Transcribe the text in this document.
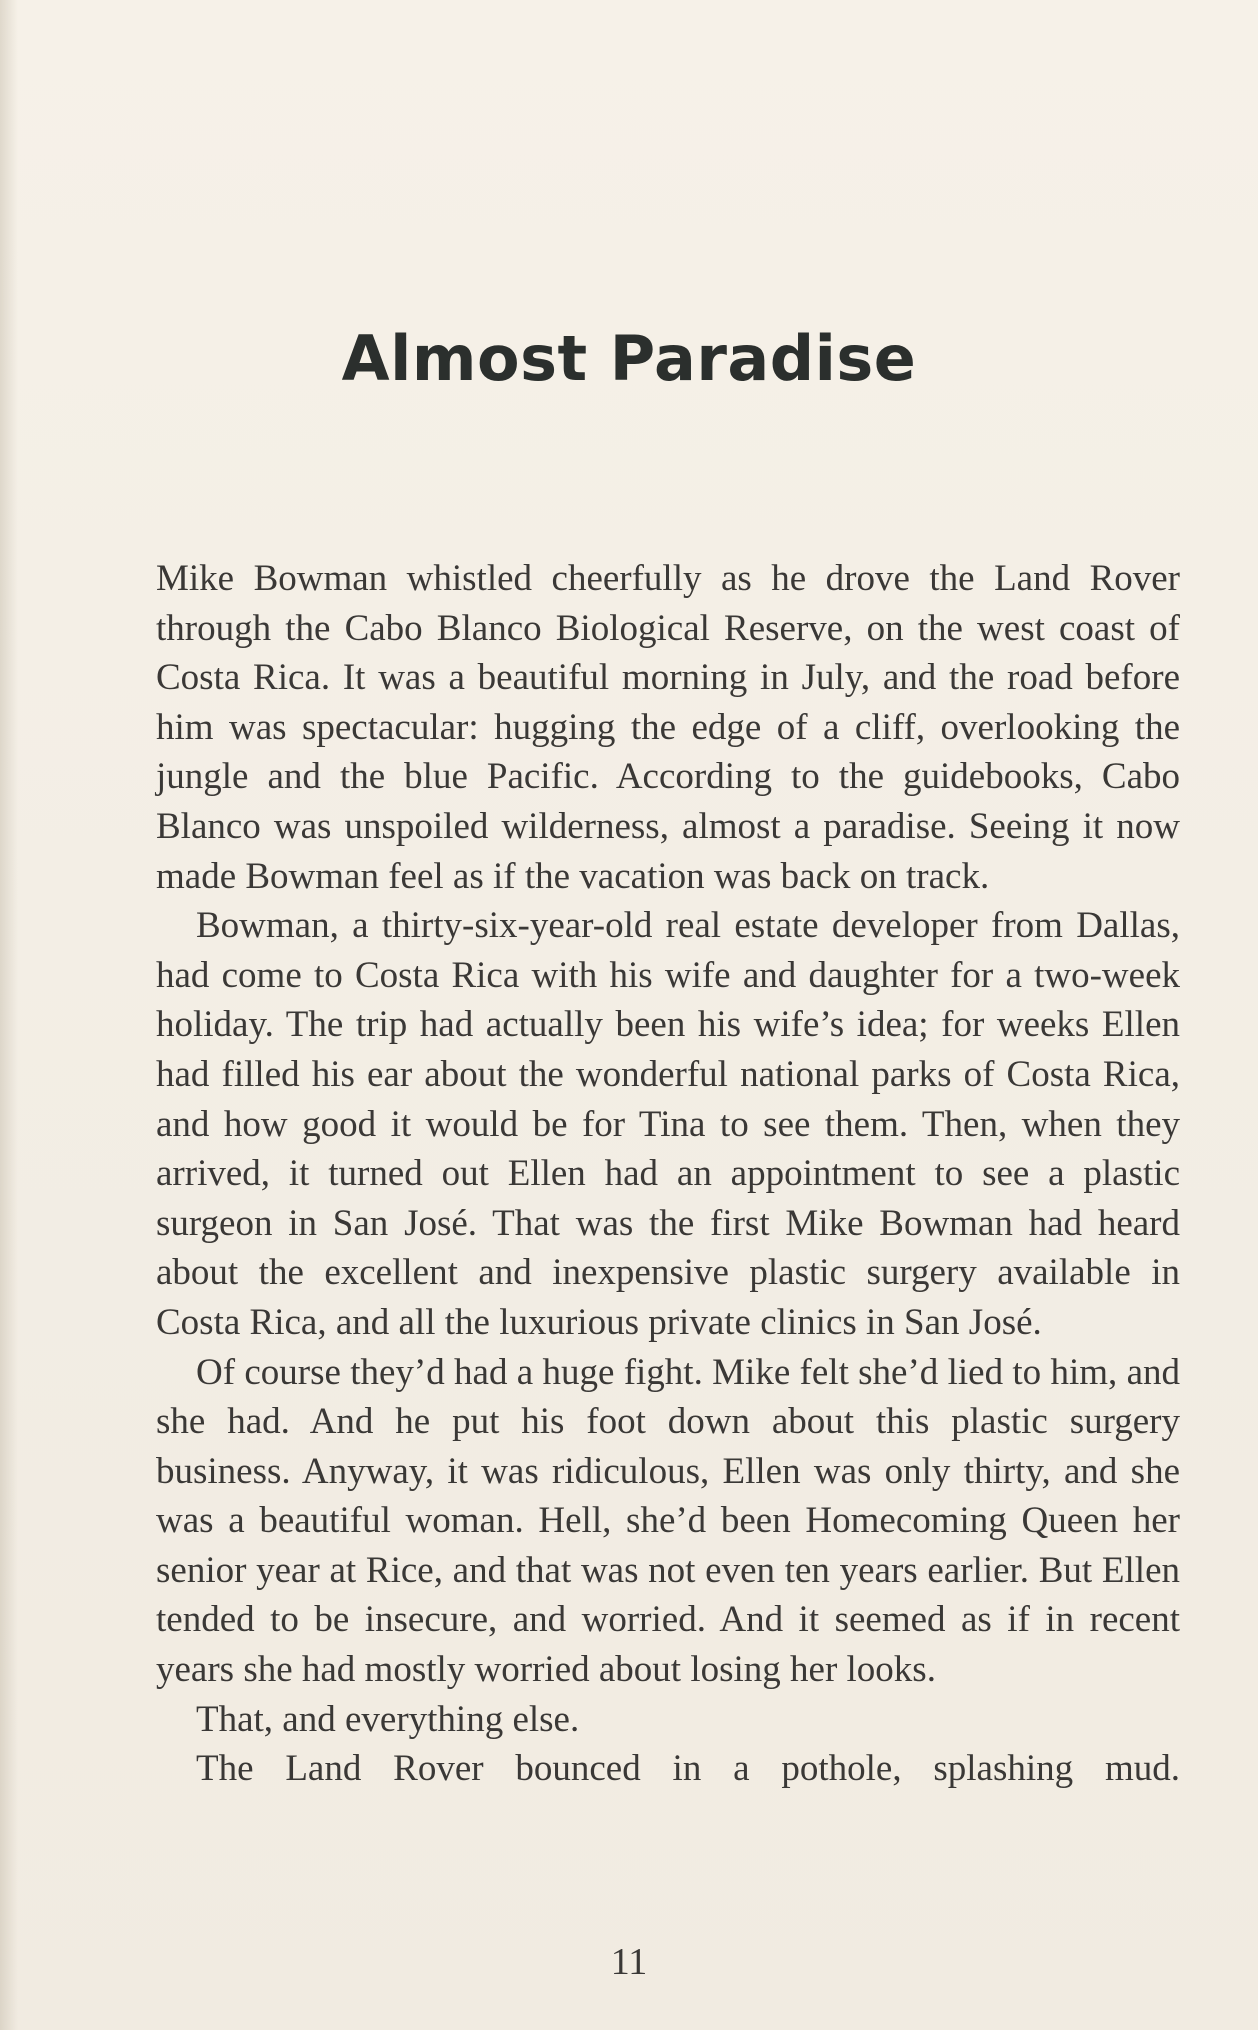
Almost Paradise

Mike Bowman whistled cheerfully as he drove the Land Rover through the Cabo Blanco Biological Reserve, on the west coast of Costa Rica. It was a beautiful morning in July, and the road before him was spectacular: hugging the edge of a cliff, overlooking the jungle and the blue Pacific. According to the guidebooks, Cabo Blanco was unspoiled wilderness, almost a paradise. Seeing it now made Bowman feel as if the vacation was back on track.

Bowman, a thirty-six-year-old real estate developer from Dallas, had come to Costa Rica with his wife and daughter for a two-week holiday. The trip had actually been his wife’s idea; for weeks Ellen had filled his ear about the wonderful national parks of Costa Rica, and how good it would be for Tina to see them. Then, when they arrived, it turned out Ellen had an appointment to see a plastic surgeon in San José. That was the first Mike Bowman had heard about the excellent and inexpensive plastic surgery available in Costa Rica, and all the luxurious private clinics in San José.

Of course they’d had a huge fight. Mike felt she’d lied to him, and she had. And he put his foot down about this plastic surgery business. Anyway, it was ridiculous, Ellen was only thirty, and she was a beautiful woman. Hell, she’d been Homecoming Queen her senior year at Rice, and that was not even ten years earlier. But Ellen tended to be insecure, and worried. And it seemed as if in recent years she had mostly worried about losing her looks.

That, and everything else.

The Land Rover bounced in a pothole, splashing mud.

11
